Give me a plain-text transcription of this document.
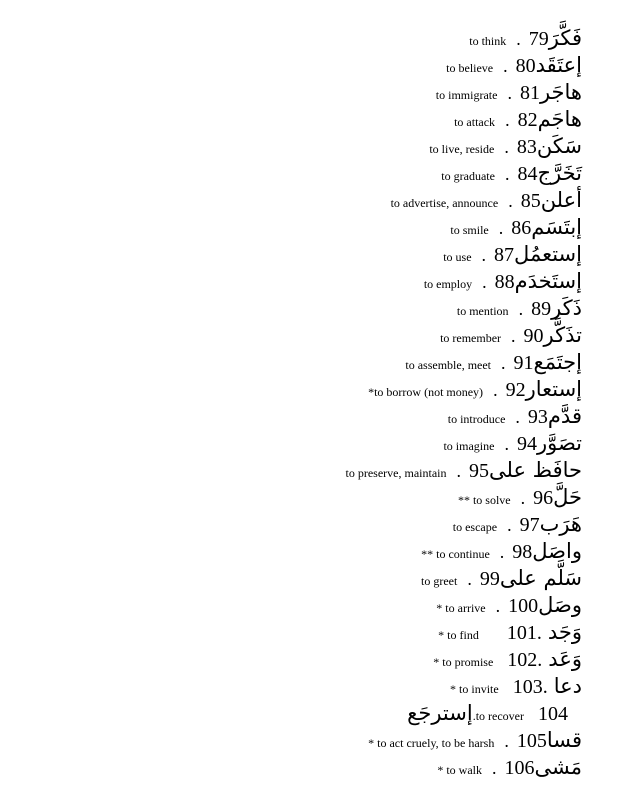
to think . 79 فَكَّرَ
to believe . 80 إعتَقَد
to immigrate . 81 هاجَر
to attack . 82 هاجَم
to live, reside . 83 سَكَن
to graduate . 84 تَخَرَّج
to advertise, announce . 85 أعلن
to smile . 86 إبتَسَم
to use . 87 إستعمُل
to employ . 88 إستَخدَم
to mention . 89 ذَكَر
to remember . 90 تذَكَّر
to assemble, meet . 91 إجتَمَع
*to borrow (not money) . 92 إستعار
to introduce . 93 قدَّم
to imagine . 94 تصَوَّر
to preserve, maintain . 95 حافَظ على
** to solve . 96 حَلَّ
to escape . 97 هَرَب
** to continue . 98 واصَل
to greet . 99 سَلَّم على
* to arrive . 100 وصَل
* to find 101. وَجَد
* to promise 102. وَعَد
* to invite 103. دعا
إسترجَع .to recover 104
* to act cruely, to be harsh . 105 قسا
* to walk . 106 مَشى
